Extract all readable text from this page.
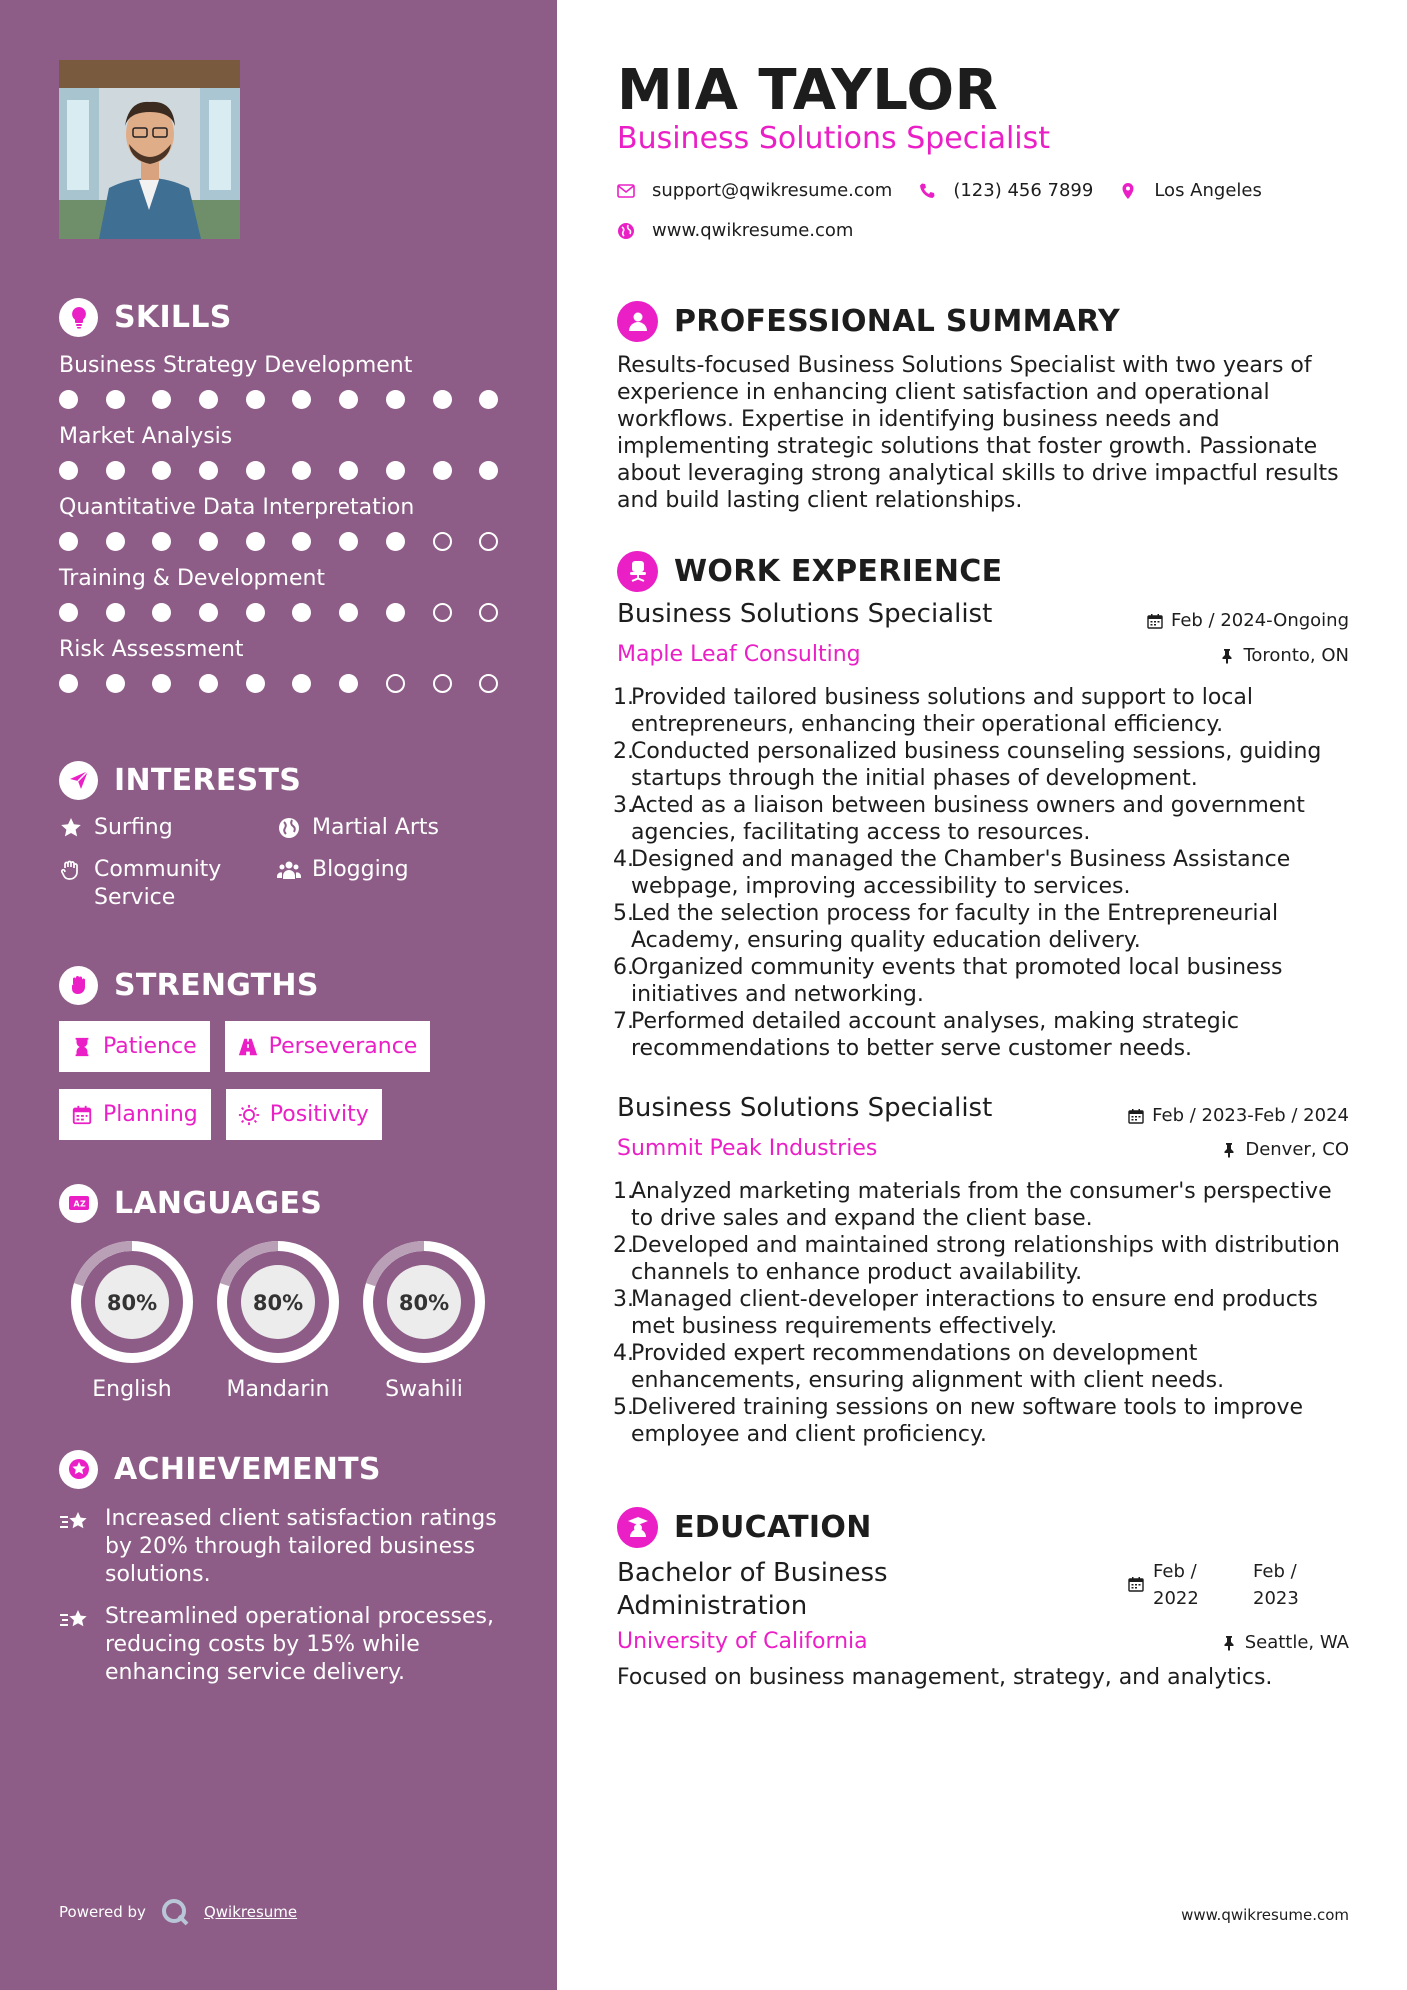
SKILLS
Business Strategy Development
Market Analysis
Quantitative Data Interpretation
Training & Development
Risk Assessment
INTERESTS
Surfing	Martial Arts
Community Service
Blogging
STRENGTHS
Patience	Perseverance
Planning	Positivity
A Z LANGUAGES
80%
English
80%
Mandarin
80%
Swahili
ACHIEVEMENTS
Increased client satisfaction ratings by 20% through tailored business solutions.
Streamlined operational processes, reducing costs by 15% while enhancing service delivery.
Powered by	Qwikresume
MIA TAYLOR
Business Solutions Specialist
support@qwikresume.com	(123) 456 7899	Los Angeles
www.qwikresume.com
PROFESSIONAL SUMMARY
Results-focused Business Solutions Specialist with two years of experience in enhancing client satisfaction and operational workflows. Expertise in identifying business needs and implementing strategic solutions that foster growth. Passionate about leveraging strong analytical skills to drive impactful results and build lasting client relationships.
WORK EXPERIENCE
Business Solutions Specialist	Feb / 2024-Ongoing
Maple Leaf Consulting	Toronto, ON
1.
Provided tailored business solutions and support to local entrepreneurs, enhancing their operational efficiency.
2.
Conducted personalized business counseling sessions, guiding startups through the initial phases of development.
3.
Acted as a liaison between business owners and government agencies, facilitating access to resources.
4.
Designed and managed the Chamber's Business Assistance webpage, improving accessibility to services.
5.
Led the selection process for faculty in the Entrepreneurial Academy, ensuring quality education delivery.
6.
Organized community events that promoted local business initiatives and networking.
7.
Performed detailed account analyses, making strategic recommendations to better serve customer needs.
Business Solutions Specialist	Feb / 2023-Feb / 2024
Summit Peak Industries	Denver, CO
1.
Analyzed marketing materials from the consumer's perspective to drive sales and expand the client base.
2.
Developed and maintained strong relationships with distribution channels to enhance product availability.
3.
Managed client-developer interactions to ensure end products met business requirements effectively.
4.
Provided expert recommendations on development enhancements, ensuring alignment with client needs.
5.
Delivered training sessions on new software tools to improve employee and client proficiency.
EDUCATION
Bachelor of Business Administration
Feb / 2022
Feb / 2023
University of California	Seattle, WA
Focused on business management, strategy, and analytics.
www.qwikresume.com
